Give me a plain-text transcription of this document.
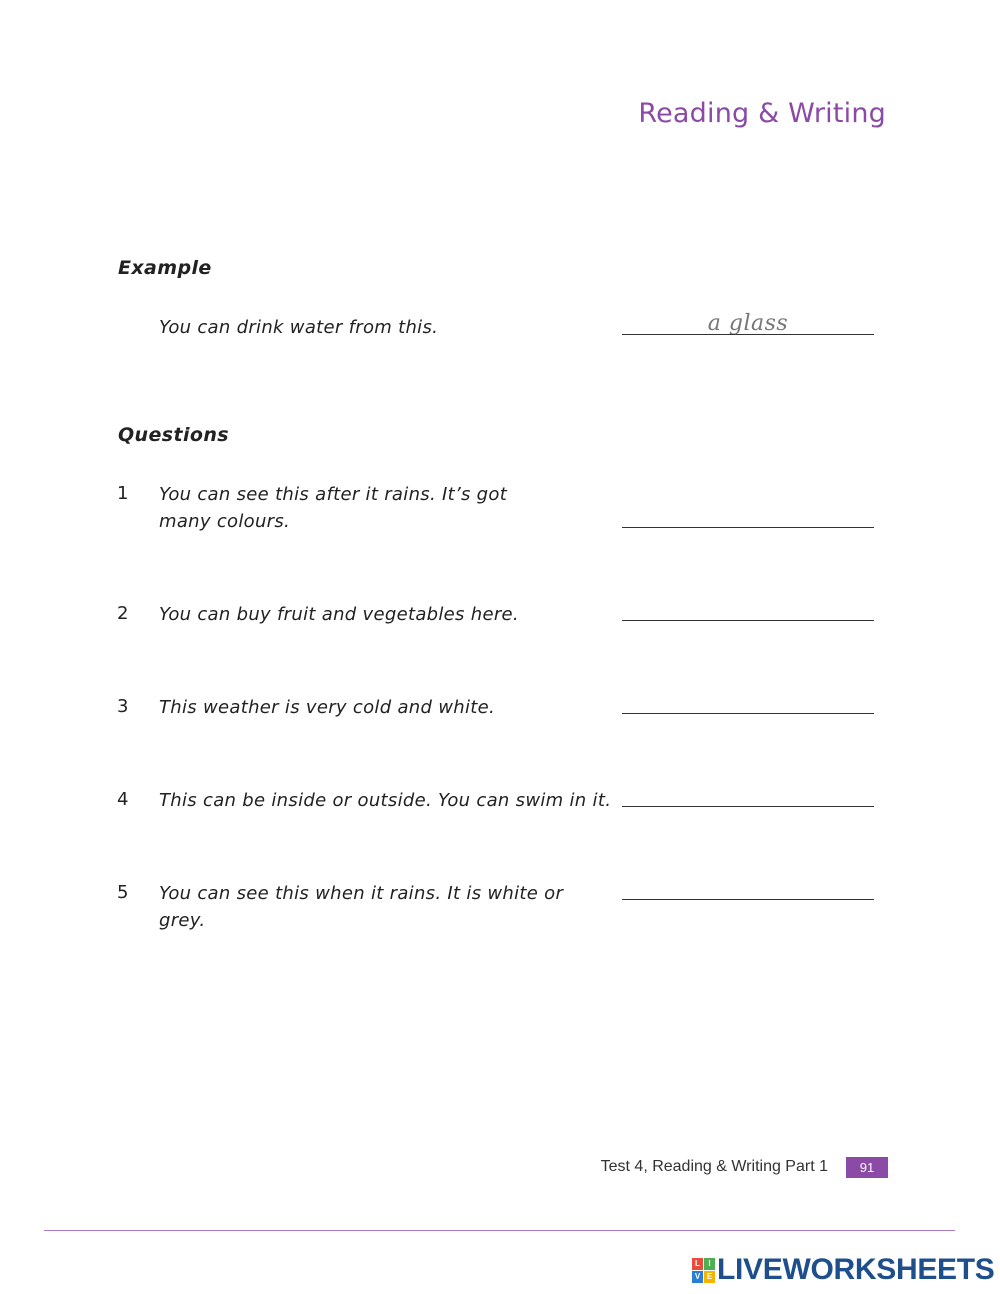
Reading & Writing
Example
You can drink water from this.	a glass
Questions
1 You can see this after it rains. It’s got many colours.
2 You can buy fruit and vegetables here.
3 This weather is very cold and white.
4 This can be inside or outside. You can swim in it.
5 You can see this when it rains. It is white or grey.
Test 4, Reading & Writing Part 1	91
L	I
V E LIVEWORKSHEETS
